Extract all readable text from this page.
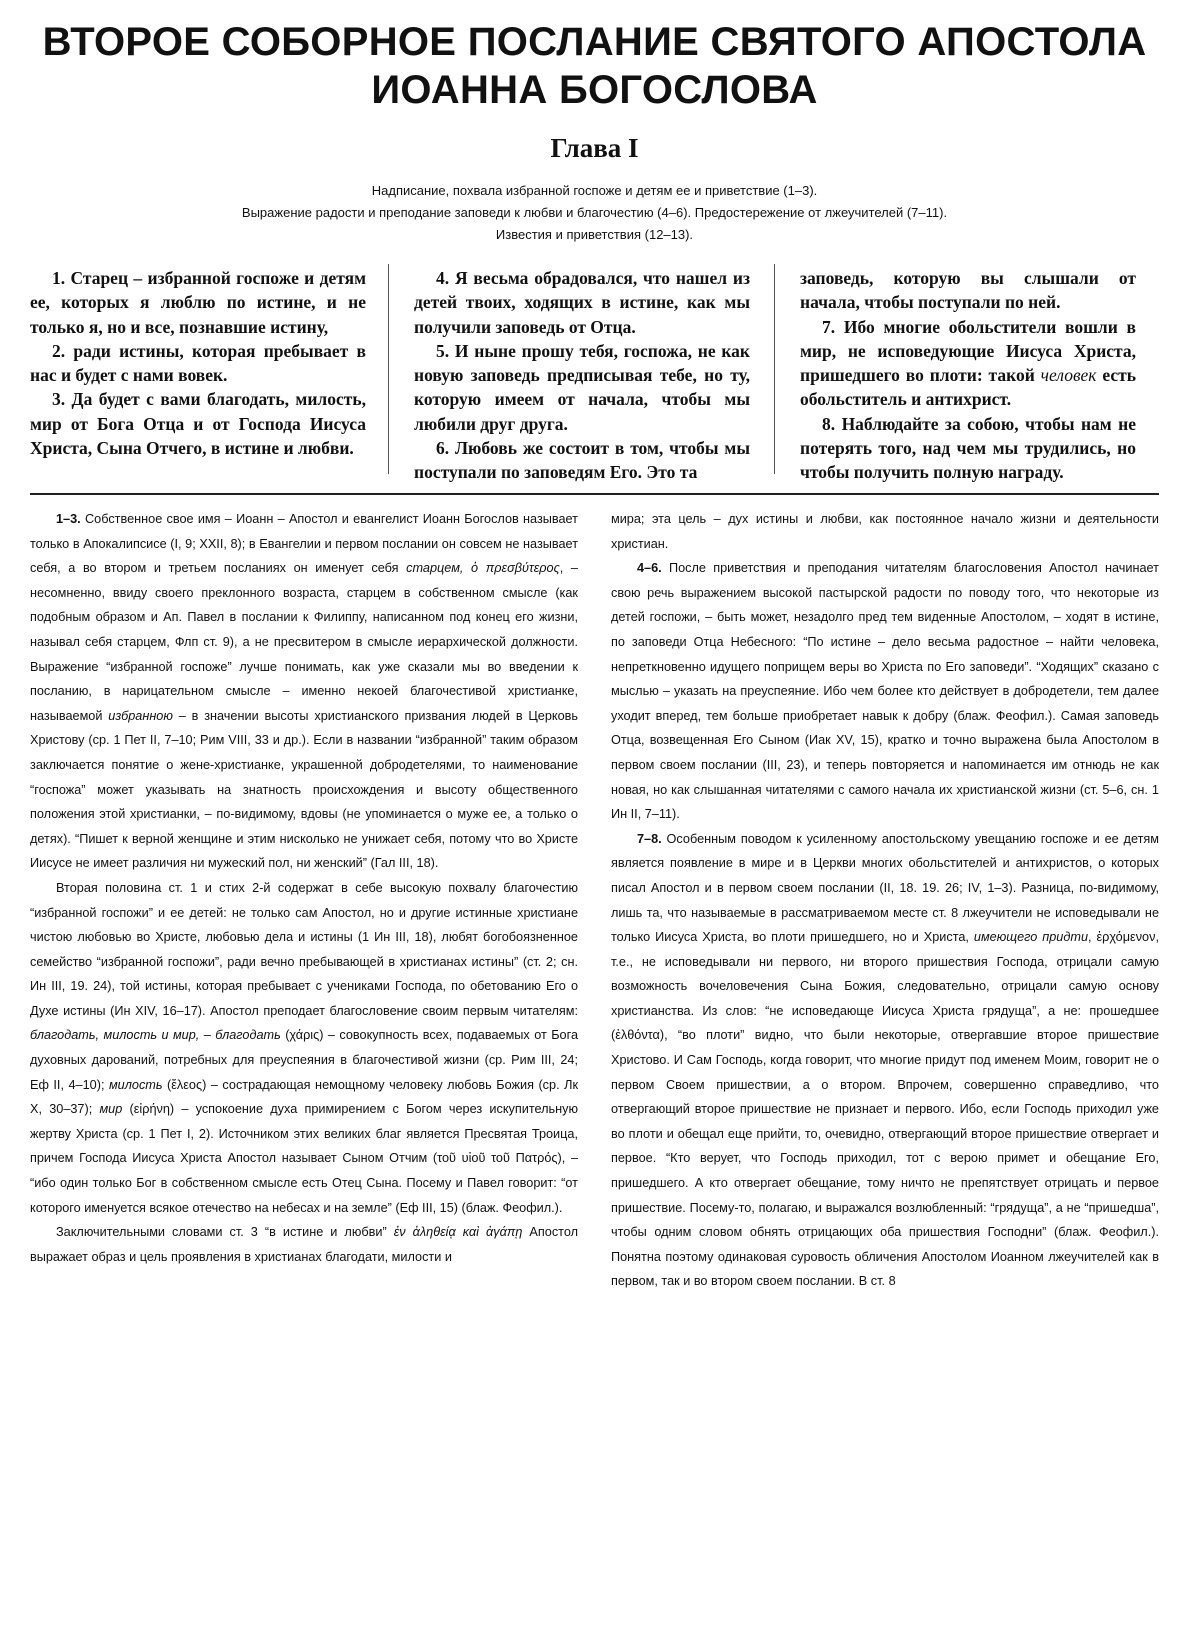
ВТОРОЕ СОБОРНОЕ ПОСЛАНИЕ СВЯТОГО АПОСТОЛА
ИОАННА БОГОСЛОВА
Глава I
Надписание, похвала избранной госпоже и детям ее и приветствие (1–3).
Выражение радости и преподание заповеди к любви и благочестию (4–6). Предостережение от лжеучителей (7–11).
Известия и приветствия (12–13).

1. Старец – избранной госпоже и детям ее, которых я люблю по истине, и не только я, но и все, познавшие истину,

2. ради истины, которая пребывает в нас и будет с нами вовек.

3. Да будет с вами благодать, милость, мир от Бога Отца и от Господа Иисуса Христа, Сына Отчего, в истине и любви.

4. Я весьма обрадовался, что нашел из детей твоих, ходящих в истине, как мы получили заповедь от Отца.

5. И ныне прошу тебя, госпожа, не как новую заповедь предписывая тебе, но ту, которую имеем от начала, чтобы мы любили друг друга.

6. Любовь же состоит в том, чтобы мы поступали по заповедям Его. Это та

заповедь, которую вы слышали от начала, чтобы поступали по ней.

7. Ибо многие обольстители вошли в мир, не исповедующие Иисуса Христа, пришедшего во плоти: такой человек есть обольститель и антихрист.

8. Наблюдайте за собою, чтобы нам не потерять того, над чем мы трудились, но чтобы получить полную награду.

1–3. Собственное свое имя – Иоанн – Апостол и евангелист Иоанн Богослов называет только в Апокалипсисе (I, 9; XXII, 8); в Евангелии и первом послании он совсем не называет себя, а во втором и третьем посланиях он именует себя старцем, ὁ πρεσβύτερος, – несомненно, ввиду своего преклонного возраста, старцем в собственном смысле (как подобным образом и Ап. Павел в послании к Филиппу, написанном под конец его жизни, называл себя старцем, Флп ст. 9), а не пресвитером в смысле иерархической должности. Выражение “избранной госпоже” лучше понимать, как уже сказали мы во введении к посланию, в нарицательном смысле – именно некоей благочестивой христианке, называемой избранною – в значении высоты христианского призвания людей в Церковь Христову (ср. 1 Пет II, 7–10; Рим VIII, 33 и др.). Если в названии “избранной” таким образом заключается понятие о жене-христианке, украшенной добродетелями, то наименование “госпожа” может указывать на знатность происхождения и высоту общественного положения этой христианки, – по-видимому, вдовы (не упоминается о муже ее, а только о детях). “Пишет к верной женщине и этим нисколько не унижает себя, потому что во Христе Иисусе не имеет различия ни мужеский пол, ни женский” (Гал III, 18).

Вторая половина ст. 1 и стих 2-й содержат в себе высокую похвалу благочестию “избранной госпожи” и ее детей: не только сам Апостол, но и другие истинные христиане чистою любовью во Христе, любовью дела и истины (1 Ин III, 18), любят богобоязненное семейство “избранной госпожи”, ради вечно пребывающей в христианах истины” (ст. 2; сн. Ин III, 19. 24), той истины, которая пребывает с учениками Господа, по обетованию Его о Духе истины (Ин XIV, 16–17). Апостол преподает благословение своим первым читателям: благодать, милость и мир, – благодать (χάρις) – совокупность всех, подаваемых от Бога духовных дарований, потребных для преуспеяния в благочестивой жизни (ср. Рим III, 24; Еф II, 4–10); милость (ἔλεος) – сострадающая немощному человеку любовь Божия (ср. Лк X, 30–37); мир (εἰρήνη) – успокоение духа примирением с Богом через искупительную жертву Христа (ср. 1 Пет I, 2). Источником этих великих благ является Пресвятая Троица, причем Господа Иисуса Христа Апостол называет Сыном Отчим (τοῦ υἱοῦ τοῦ Πατρός), – “ибо один только Бог в собственном смысле есть Отец Сына. Посему и Павел говорит: “от которого именуется всякое отечество на небесах и на земле” (Еф III, 15) (блаж. Феофил.).

Заключительными словами ст. 3 “в истине и любви” ἐν ἀληθείᾳ καὶ ἀγάπῃ Апостол выражает образ и цель проявления в христианах благодати, милости и

мира; эта цель – дух истины и любви, как постоянное начало жизни и деятельности христиан.

4–6. После приветствия и преподания читателям благословения Апостол начинает свою речь выражением высокой пастырской радости по поводу того, что некоторые из детей госпожи, – быть может, незадолго пред тем виденные Апостолом, – ходят в истине, по заповеди Отца Небесного: “По истине – дело весьма радостное – найти человека, непреткновенно идущего поприщем веры во Христа по Его заповеди”. “Ходящих” сказано с мыслью – указать на преуспеяние. Ибо чем более кто действует в добродетели, тем далее уходит вперед, тем больше приобретает навык к добру (блаж. Феофил.). Самая заповедь Отца, возвещенная Его Сыном (Иак XV, 15), кратко и точно выражена была Апостолом в первом своем послании (III, 23), и теперь повторяется и напоминается им отнюдь не как новая, но как слышанная читателями с самого начала их христианской жизни (ст. 5–6, сн. 1 Ин II, 7–11).

7–8. Особенным поводом к усиленному апостольскому увещанию госпоже и ее детям является появление в мире и в Церкви многих обольстителей и антихристов, о которых писал Апостол и в первом своем послании (II, 18. 19. 26; IV, 1–3). Разница, по-видимому, лишь та, что называемые в рассматриваемом месте ст. 8 лжеучители не исповедывали не только Иисуса Христа, во плоти пришедшего, но и Христа, имеющего придти, ἐρχόμενον, т.е., не исповедывали ни первого, ни второго пришествия Господа, отрицали самую возможность вочеловечения Сына Божия, следовательно, отрицали самую основу христианства. Из слов: “не исповедающе Иисуса Христа грядуща”, а не: прошедшее (ἐλθόντα), “во плоти” видно, что были некоторые, отвергавшие второе пришествие Христово. И Сам Господь, когда говорит, что многие придут под именем Моим, говорит не о первом Своем пришествии, а о втором. Впрочем, совершенно справедливо, что отвергающий второе пришествие не признает и первого. Ибо, если Господь приходил уже во плоти и обещал еще прийти, то, очевидно, отвергающий второе пришествие отвергает и первое. “Кто верует, что Господь приходил, тот с верою примет и обещание Его, пришедшего. А кто отвергает обещание, тому ничто не препятствует отрицать и первое пришествие. Посему-то, полагаю, и выражался возлюбленный: “грядуща”, а не “пришедша”, чтобы одним словом обнять отрицающих оба пришествия Господни” (блаж. Феофил.). Понятна поэтому одинаковая суровость обличения Апостолом Иоанном лжеучителей как в первом, так и во втором своем послании. В ст. 8
